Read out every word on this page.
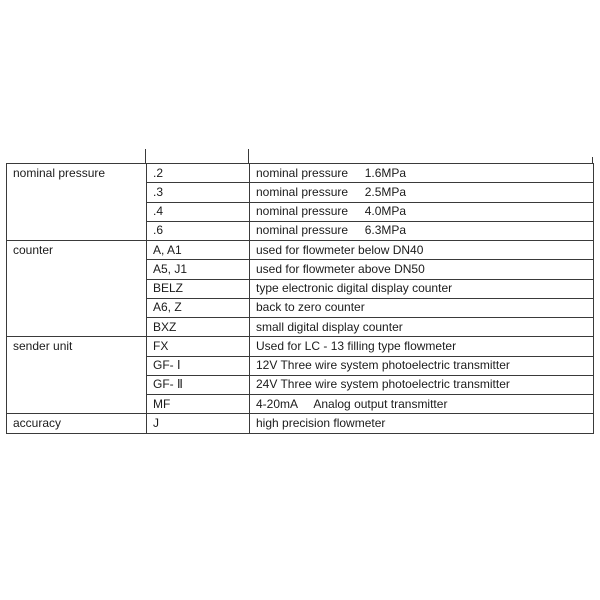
nominal pressure	.2	nominal pressure     1.6MPa
	.3	nominal pressure     2.5MPa
	.4	nominal pressure     4.0MPa
	.6	nominal pressure     6.3MPa
counter	A, A1	used for flowmeter below DN40
	A5, J1	used for flowmeter above DN50
	BELZ	type electronic digital display counter
	A6, Z	back to zero counter
	BXZ	small digital display counter
sender unit	FX	Used for LC - 13 filling type flowmeter
	GF- Ⅰ	12V Three wire system photoelectric transmitter
	GF- Ⅱ	24V Three wire system photoelectric transmitter
	MF	4-20mA     Analog output transmitter
accuracy	J	high precision flowmeter
